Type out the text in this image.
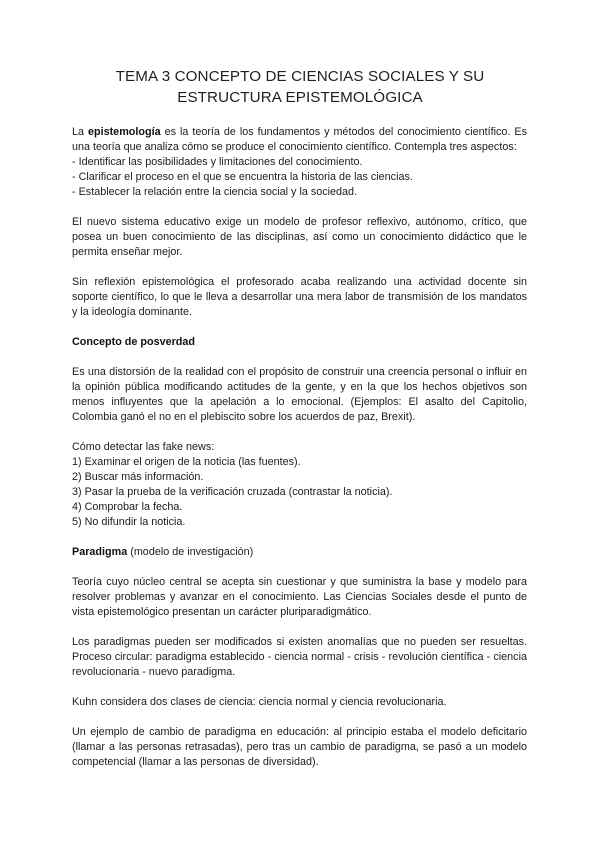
TEMA 3 CONCEPTO DE CIENCIAS SOCIALES Y SU
ESTRUCTURA EPISTEMOLÓGICA

La epistemología es la teoría de los fundamentos y métodos del conocimiento científico. Es una teoría que analiza cómo se produce el conocimiento científico. Contempla tres aspectos:

- Identificar las posibilidades y limitaciones del conocimiento.

- Clarificar el proceso en el que se encuentra la historia de las ciencias.

- Establecer la relación entre la ciencia social y la sociedad.

El nuevo sistema educativo exige un modelo de profesor reflexivo, autónomo, crítico, que posea un buen conocimiento de las disciplinas, así como un conocimiento didáctico que le permita enseñar mejor.

Sin reflexión epistemológica el profesorado acaba realizando una actividad docente sin soporte científico, lo que le lleva a desarrollar una mera labor de transmisión de los mandatos y la ideología dominante.

Concepto de posverdad

Es una distorsión de la realidad con el propósito de construir una creencia personal o influir en la opinión pública modificando actitudes de la gente, y en la que los hechos objetivos son menos influyentes que la apelación a lo emocional. (Ejemplos: El asalto del Capitolio, Colombia ganó el no en el plebiscito sobre los acuerdos de paz, Brexit).

Cómo detectar las fake news:

1) Examinar el origen de la noticia (las fuentes).

2) Buscar más información.

3) Pasar la prueba de la verificación cruzada (contrastar la noticia).

4) Comprobar la fecha.

5) No difundir la noticia.

Paradigma (modelo de investigación)

Teoría cuyo núcleo central se acepta sin cuestionar y que suministra la base y modelo para resolver problemas y avanzar en el conocimiento. Las Ciencias Sociales desde el punto de vista epistemológico presentan un carácter pluriparadigmático.

Los paradigmas pueden ser modificados si existen anomalías que no pueden ser resueltas. Proceso circular: paradigma establecido - ciencia normal - crisis - revolución científica - ciencia revolucionaria - nuevo paradigma.

Kuhn considera dos clases de ciencia: ciencia normal y ciencia revolucionaria.

Un ejemplo de cambio de paradigma en educación: al principio estaba el modelo deficitario (llamar a las personas retrasadas), pero tras un cambio de paradigma, se pasó a un modelo competencial (llamar a las personas de diversidad).
